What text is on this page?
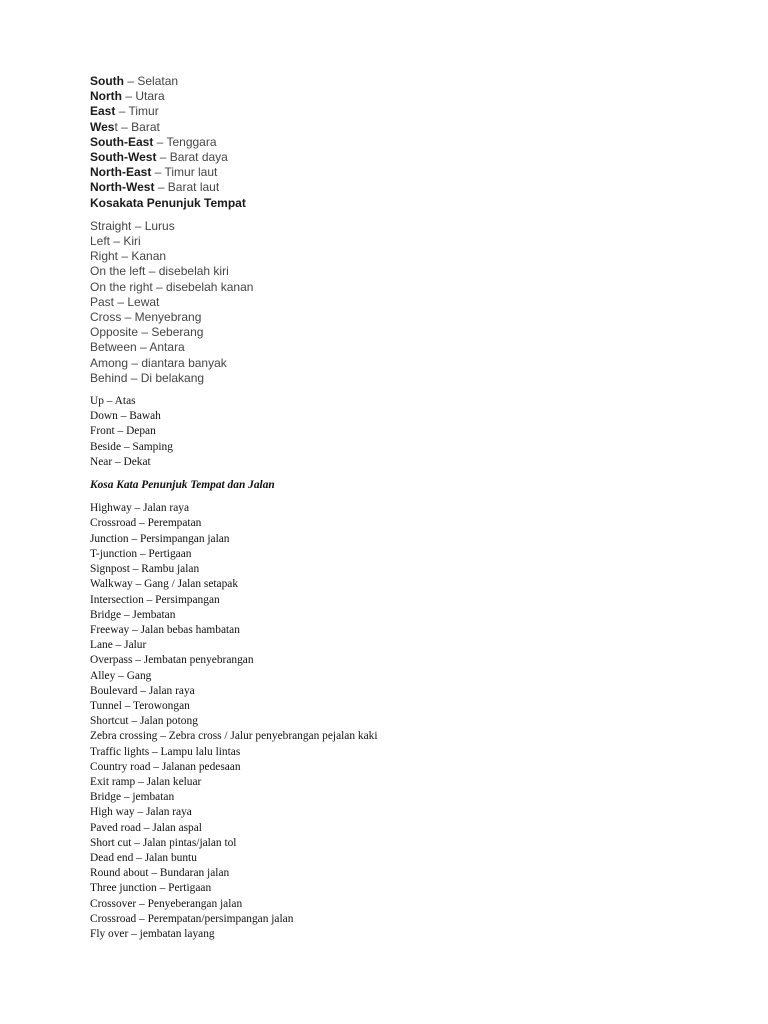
South – Selatan
North – Utara
East – Timur
West – Barat
South-East – Tenggara
South-West – Barat daya
North-East – Timur laut
North-West – Barat laut
Kosakata Penunjuk Tempat
Straight – Lurus
Left – Kiri
Right – Kanan
On the left – disebelah kiri
On the right – disebelah kanan
Past – Lewat
Cross – Menyebrang
Opposite – Seberang
Between – Antara
Among – diantara banyak
Behind – Di belakang
Up – Atas
Down – Bawah
Front – Depan
Beside – Samping
Near – Dekat
Kosa Kata Penunjuk Tempat dan Jalan
Highway – Jalan raya
Crossroad – Perempatan
Junction – Persimpangan jalan
T-junction – Pertigaan
Signpost – Rambu jalan
Walkway – Gang / Jalan setapak
Intersection – Persimpangan
Bridge – Jembatan
Freeway – Jalan bebas hambatan
Lane – Jalur
Overpass – Jembatan penyebrangan
Alley – Gang
Boulevard – Jalan raya
Tunnel – Terowongan
Shortcut – Jalan potong
Zebra crossing – Zebra cross / Jalur penyebrangan pejalan kaki
Traffic lights – Lampu lalu lintas
Country road – Jalanan pedesaan
Exit ramp – Jalan keluar
Bridge – jembatan
High way – Jalan raya
Paved road – Jalan aspal
Short cut – Jalan pintas/jalan tol
Dead end – Jalan buntu
Round about – Bundaran jalan
Three junction – Pertigaan
Crossover – Penyeberangan jalan
Crossroad – Perempatan/persimpangan jalan
Fly over – jembatan layang
